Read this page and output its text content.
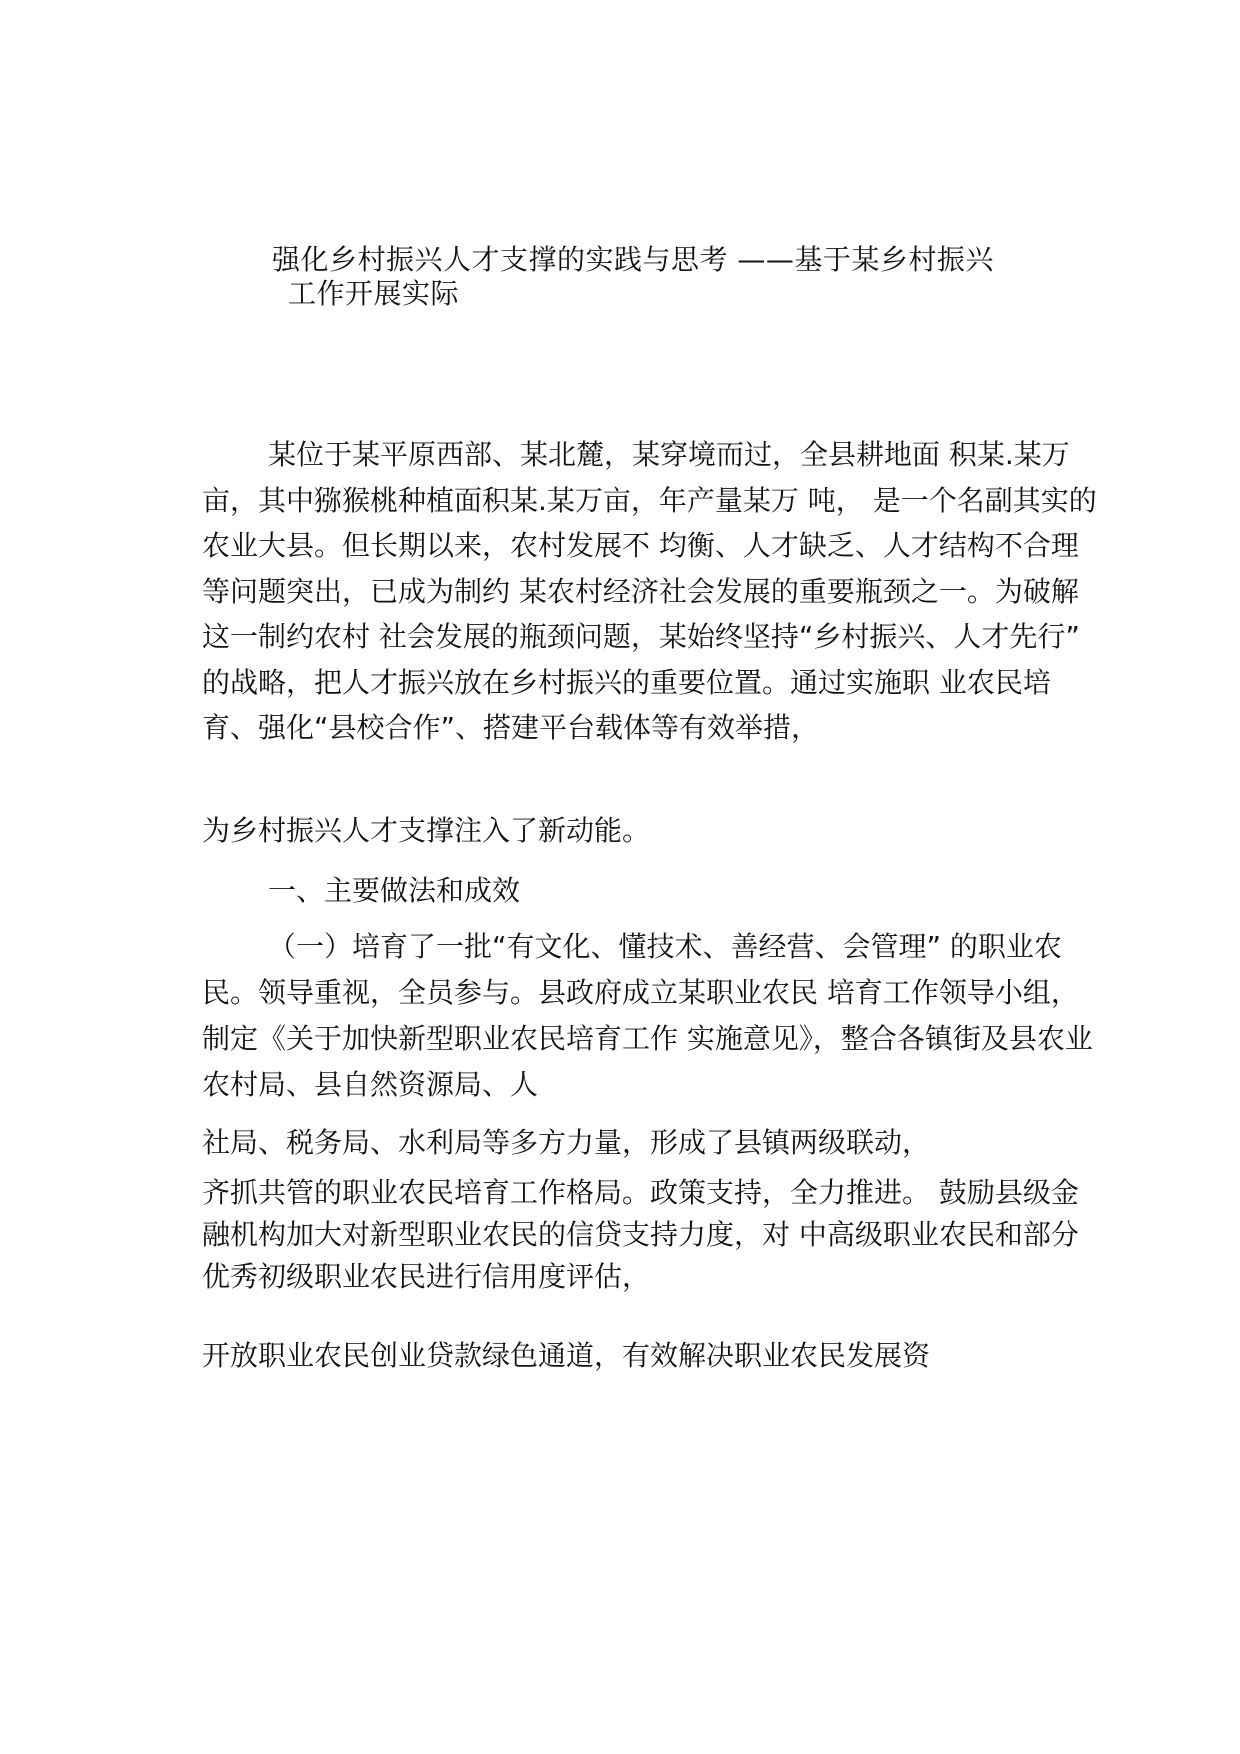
强化乡村振兴人才支撑的实践与思考 ——基于某乡村振兴
工作开展实际

某位于某平原西部、某北麓，某穿境而过，全县耕地面 积某.某万亩，其中猕猴桃种植面积某.某万亩，年产量某万 吨， 是一个名副其实的农业大县。但长期以来，农村发展不 均衡、人才缺乏、人才结构不合理等问题突出，已成为制约 某农村经济社会发展的重要瓶颈之一。为破解这一制约农村 社会发展的瓶颈问题，某始终坚持“乡村振兴、人才先行” 的战略，把人才振兴放在乡村振兴的重要位置。通过实施职 业农民培育、强化“县校合作”、搭建平台载体等有效举措，

为乡村振兴人才支撑注入了新动能。

一、主要做法和成效

（一）培育了一批“有文化、懂技术、善经营、会管理” 的职业农民。领导重视，全员参与。县政府成立某职业农民 培育工作领导小组，制定《关于加快新型职业农民培育工作 实施意见》，整合各镇街及县农业农村局、县自然资源局、人

社局、税务局、水利局等多方力量，形成了县镇两级联动，

齐抓共管的职业农民培育工作格局。政策支持，全力推进。 鼓励县级金融机构加大对新型职业农民的信贷支持力度，对 中高级职业农民和部分优秀初级职业农民进行信用度评估，

开放职业农民创业贷款绿色通道，有效解决职业农民发展资
